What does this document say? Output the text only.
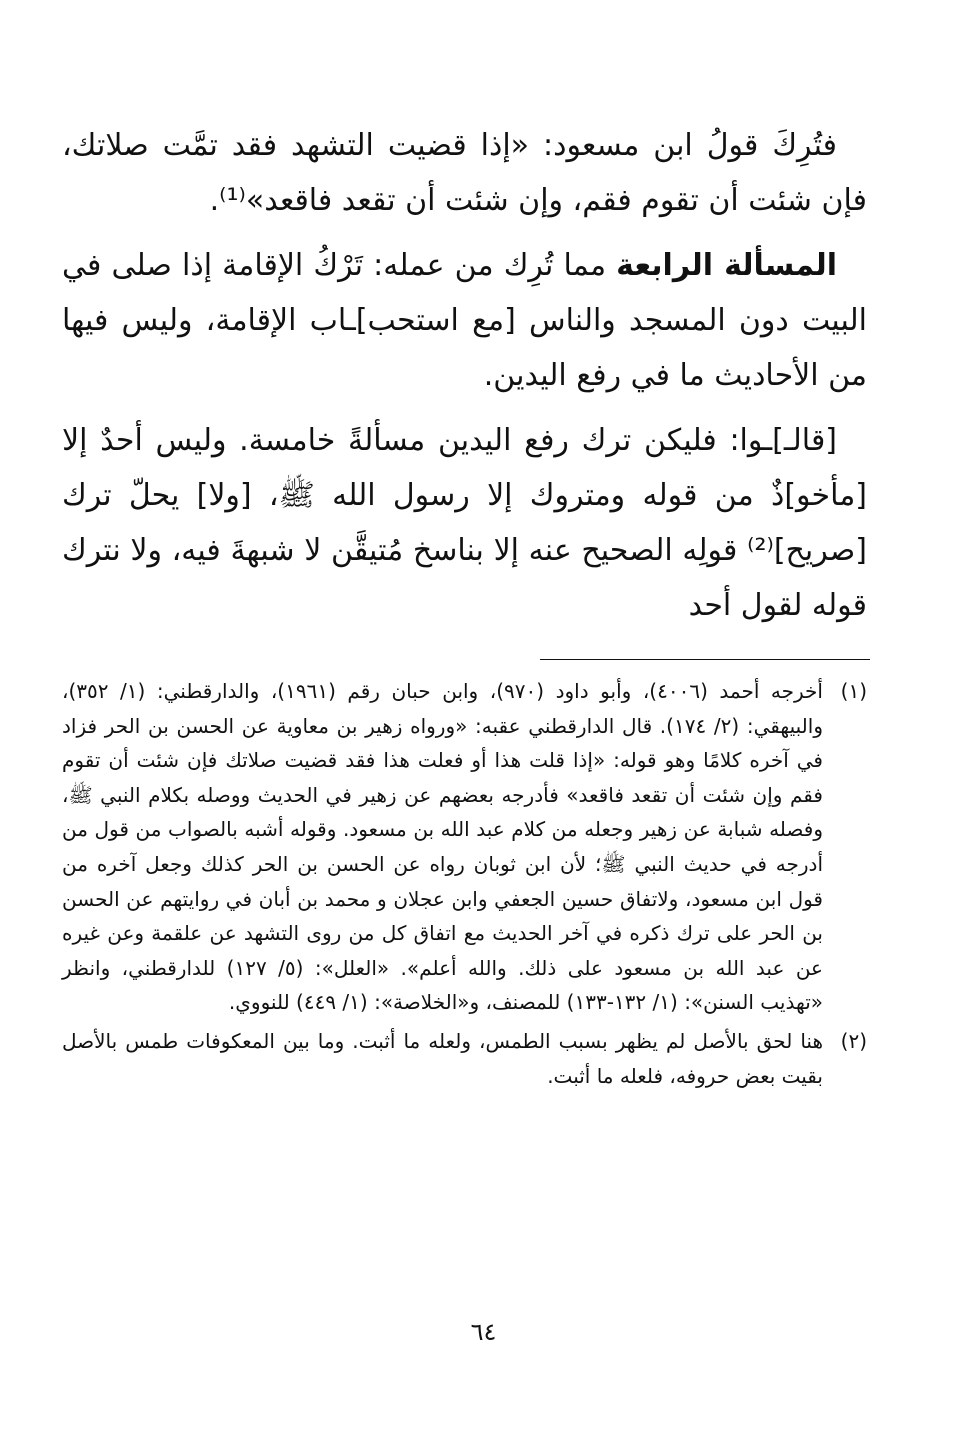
فتُرِكَ قولُ ابن مسعود: «إذا قضيت التشهد فقد تمَّت صلاتك، فإن شئت أن تقوم فقم، وإن شئت أن تقعد فاقعد»⁽¹⁾.

المسألة الرابعة مما تُرِك من عمله: تَرْكُ الإقامة إذا صلى في البيت دون المسجد والناس [مع استحب]ـاب الإقامة، وليس فيها من الأحاديث ما في رفع اليدين.

[قالـ]ـوا: فليكن ترك رفع اليدين مسألةً خامسة. وليس أحدٌ إلا [مأخو]ذٌ من قوله ومتروك إلا رسول الله ﷺ، [ولا] يحلّ ترك [صريح]⁽²⁾ قولِه الصحيح عنه إلا بناسخ مُتيقَّن لا شبهةَ فيه، ولا نترك قوله لقول أحد

(١)
أخرجه أحمد (٤٠٠٦)، وأبو داود (٩٧٠)، وابن حبان رقم (١٩٦١)، والدارقطني: (١/ ٣٥٢)، والبيهقي: (٢/ ١٧٤). قال الدارقطني عقبه: «ورواه زهير بن معاوية عن الحسن بن الحر فزاد في آخره كلامًا وهو قوله: «إذا قلت هذا أو فعلت هذا فقد قضيت صلاتك فإن شئت أن تقوم فقم وإن شئت أن تقعد فاقعد» فأدرجه بعضهم عن زهير في الحديث ووصله بكلام النبي ﷺ، وفصله شبابة عن زهير وجعله من كلام عبد الله بن مسعود. وقوله أشبه بالصواب من قول من أدرجه في حديث النبي ﷺ؛ لأن ابن ثوبان رواه عن الحسن بن الحر كذلك وجعل آخره من قول ابن مسعود، ولاتفاق حسين الجعفي وابن عجلان و محمد بن أبان في روايتهم عن الحسن بن الحر على ترك ذكره في آخر الحديث مع اتفاق كل من روى التشهد عن علقمة وعن غيره عن عبد الله بن مسعود على ذلك. والله أعلم». «العلل»: (٥/ ١٢٧) للدارقطني، وانظر «تهذيب السنن»: (١/ ١٣٢-١٣٣) للمصنف، و«الخلاصة»: (١/ ٤٤٩) للنووي.
(٢)
هنا لحق بالأصل لم يظهر بسبب الطمس، ولعله ما أثبت. وما بين المعكوفات طمس بالأصل بقيت بعض حروفه، فلعله ما أثبت.
٦٤
